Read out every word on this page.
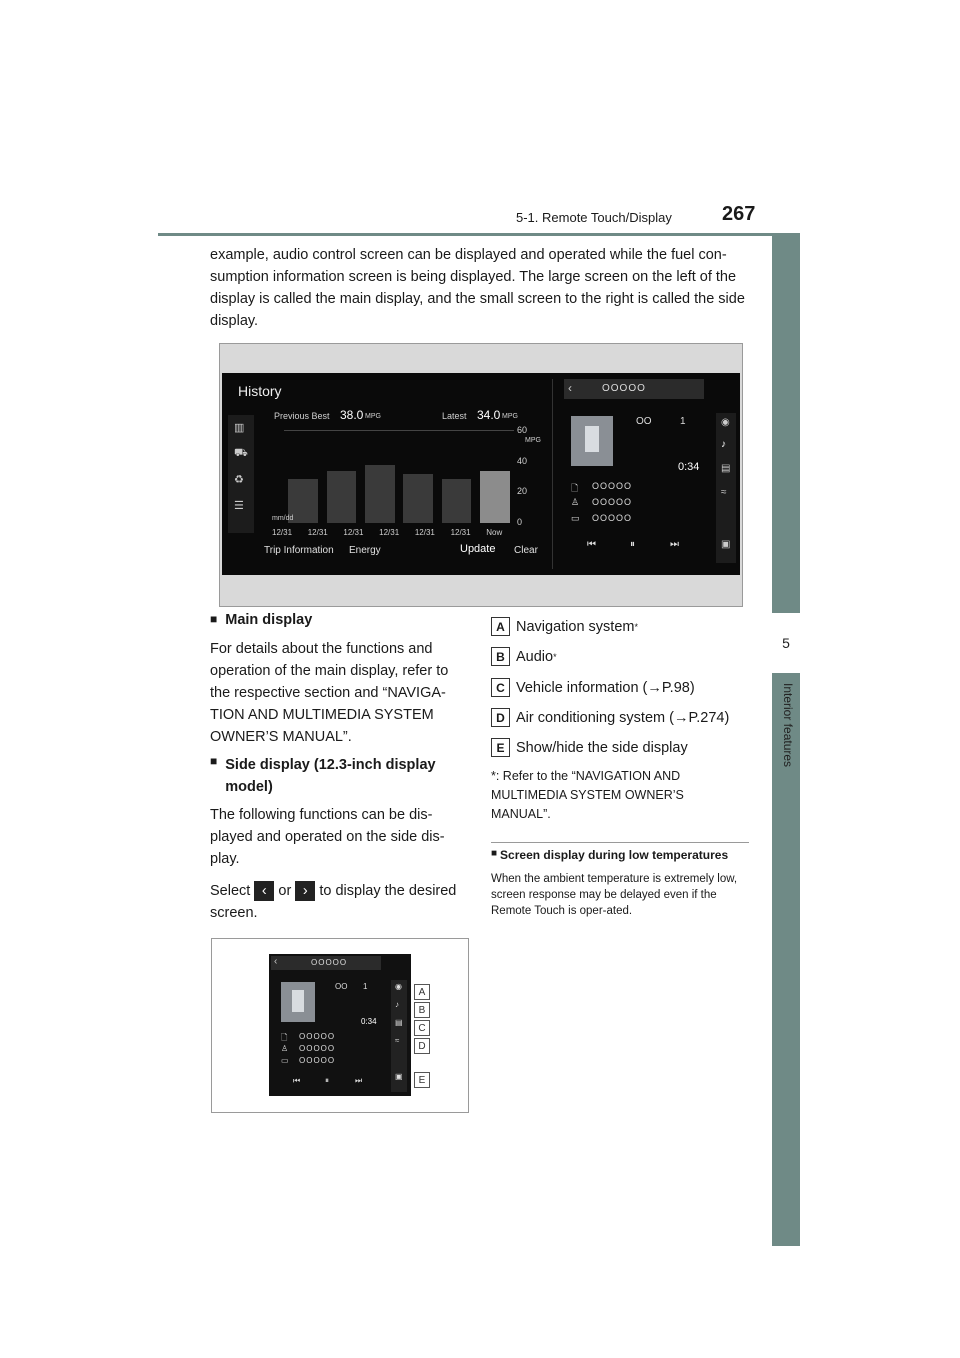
5-1. Remote Touch/Display	267
5
Interior features
example, audio control screen can be displayed and operated while the fuel con-sumption information screen is being displayed. The large screen on the left of the display is called the main display, and the small screen to the right is called the side display.
History
▥
⛟
♻
☰
Previous Best 38.0 MPG	Latest 34.0 MPG
60
40
20
0
MPG
mm/dd
12/31 12/31 12/31 12/31 12/31 12/31 Now
Trip Information Energy	Update Clear
‹	OOOOO
OO	1
0:34
🗋 OOOOO
♙ OOOOO
▭ OOOOO
⏮	⏸	⏭
◉
♪
▤
≈
▣
■ Main display
For details about the functions and operation of the main display, refer to the respective section and “NAVIGA-TION AND MULTIMEDIA SYSTEM OWNER’S MANUAL”.
■ Side display (12.3-inch display model)
The following functions can be dis-played and operated on the side dis-play.
Select ‹ or › to display the desired screen.
‹	OOOOO
OO 1
0:34
🗋 OOOOO
♙ OOOOO
▭ OOOOO
⏮	⏸	⏭
◉
♪
▤
≈
▣
A
B
C
D
E
A Navigation system *
B Audio *
C Vehicle information (→P.98)
D Air conditioning system (→P.274)
E Show/hide the side display
*: Refer to the “NAVIGATION AND MULTIMEDIA SYSTEM OWNER’S MANUAL”.
■ Screen display during low temperatures
When the ambient temperature is extremely low, screen response may be delayed even if the Remote Touch is oper-ated.
